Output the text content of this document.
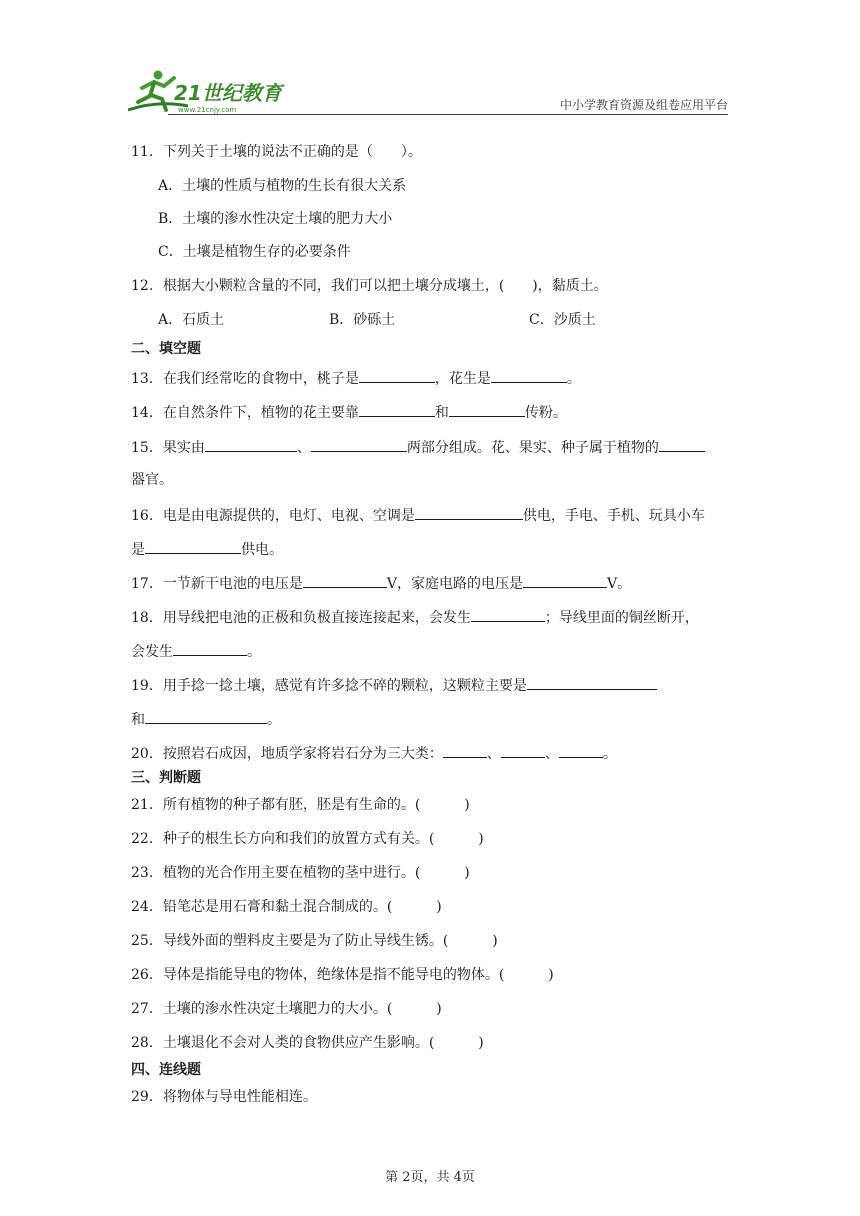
21世纪教育
www.21cnjy.com	中小学教育资源及组卷应用平台
11．下列关于土壤的说法不正确的是（　　）。
A．土壤的性质与植物的生长有很大关系
B．土壤的渗水性决定土壤的肥力大小
C．土壤是植物生存的必要条件
12．根据大小颗粒含量的不同，我们可以把土壤分成壤土，(　　)，黏质土。
A．石质土	B．砂砾土	C．沙质土
二、填空题
13．在我们经常吃的食物中，桃子是	，花生是	。
14．在自然条件下，植物的花主要靠	和	传粉。
15．果实由	、	两部分组成。花、果实、种子属于植物的
器官。
16．电是由电源提供的，电灯、电视、空调是	供电，手电、手机、玩具小车
是	供电。
17．一节新干电池的电压是	V，家庭电路的电压是	V。
18．用导线把电池的正极和负极直接连接起来，会发生	；导线里面的铜丝断开，
会发生	。
19．用手捻一捻土壤，感觉有许多捻不碎的颗粒，这颗粒主要是
和	。
20．按照岩石成因，地质学家将岩石分为三大类：	、	、	。
三、判断题
21．所有植物的种子都有胚，胚是有生命的。(	)
22．种子的根生长方向和我们的放置方式有关。(	)
23．植物的光合作用主要在植物的茎中进行。(	)
24．铅笔芯是用石膏和黏土混合制成的。(	)
25．导线外面的塑料皮主要是为了防止导线生锈。(	)
26．导体是指能导电的物体，绝缘体是指不能导电的物体。(	)
27．土壤的渗水性决定土壤肥力的大小。(	)
28．土壤退化不会对人类的食物供应产生影响。(	)
四、连线题
29．将物体与导电性能相连。
第 2页，共 4页
